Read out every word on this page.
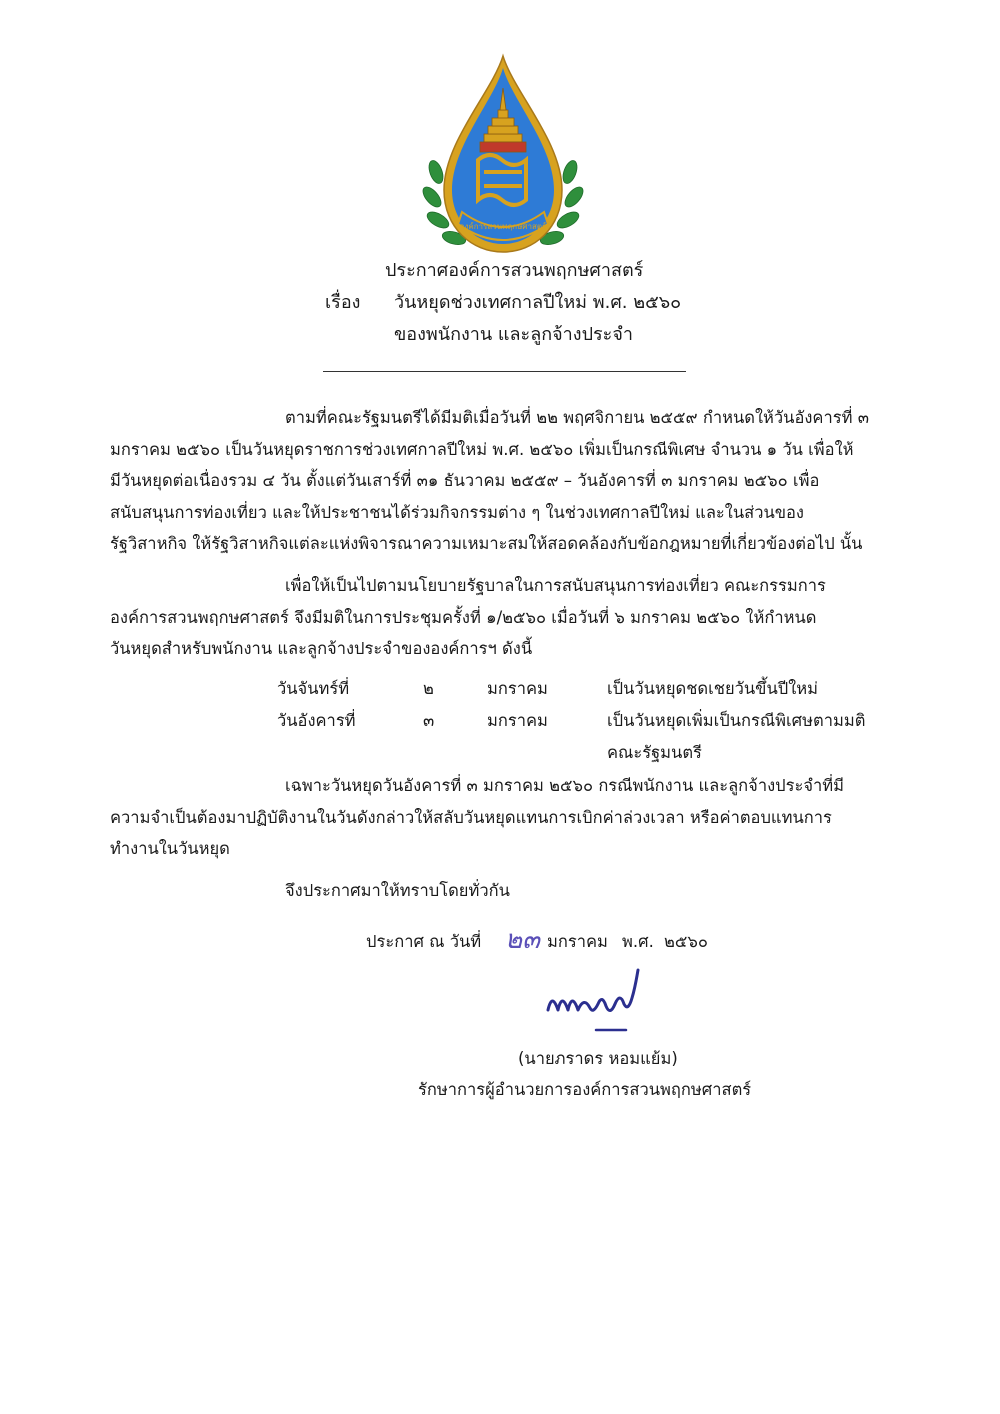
องค์การสวนพฤกษศาสตร์
ประกาศองค์การสวนพฤกษศาสตร์
เรื่อง วันหยุดช่วงเทศกาลปีใหม่ พ.ศ. ๒๕๖๐
ของพนักงาน และลูกจ้างประจำ
ตามที่คณะรัฐมนตรีได้มีมติเมื่อวันที่ ๒๒ พฤศจิกายน ๒๕๕๙ กำหนดให้วันอังคารที่ ๓
มกราคม ๒๕๖๐ เป็นวันหยุดราชการช่วงเทศกาลปีใหม่ พ.ศ. ๒๕๖๐ เพิ่มเป็นกรณีพิเศษ จำนวน ๑ วัน เพื่อให้
มีวันหยุดต่อเนื่องรวม ๔ วัน ตั้งแต่วันเสาร์ที่ ๓๑ ธันวาคม ๒๕๕๙ – วันอังคารที่ ๓ มกราคม ๒๕๖๐ เพื่อ
สนับสนุนการท่องเที่ยว และให้ประชาชนได้ร่วมกิจกรรมต่าง ๆ ในช่วงเทศกาลปีใหม่ และในส่วนของ
รัฐวิสาหกิจ ให้รัฐวิสาหกิจแต่ละแห่งพิจารณาความเหมาะสมให้สอดคล้องกับข้อกฎหมายที่เกี่ยวข้องต่อไป นั้น
เพื่อให้เป็นไปตามนโยบายรัฐบาลในการสนับสนุนการท่องเที่ยว คณะกรรมการ
องค์การสวนพฤกษศาสตร์ จึงมีมติในการประชุมครั้งที่ ๑/๒๕๖๐ เมื่อวันที่ ๖ มกราคม ๒๕๖๐ ให้กำหนด
วันหยุดสำหรับพนักงาน และลูกจ้างประจำขององค์การฯ ดังนี้
วันจันทร์ที่	๒	มกราคม	เป็นวันหยุดชดเชยวันขึ้นปีใหม่
วันอังคารที่	๓	มกราคม	เป็นวันหยุดเพิ่มเป็นกรณีพิเศษตามมติ
คณะรัฐมนตรี
เฉพาะวันหยุดวันอังคารที่ ๓ มกราคม ๒๕๖๐ กรณีพนักงาน และลูกจ้างประจำที่มี
ความจำเป็นต้องมาปฏิบัติงานในวันดังกล่าวให้สลับวันหยุดแทนการเบิกค่าล่วงเวลา หรือค่าตอบแทนการ
ทำงานในวันหยุด
จึงประกาศมาให้ทราบโดยทั่วกัน
ประกาศ ณ วันที่ ๒๓ มกราคม พ.ศ. ๒๕๖๐
(นายภราดร หอมแย้ม)
รักษาการผู้อำนวยการองค์การสวนพฤกษศาสตร์
